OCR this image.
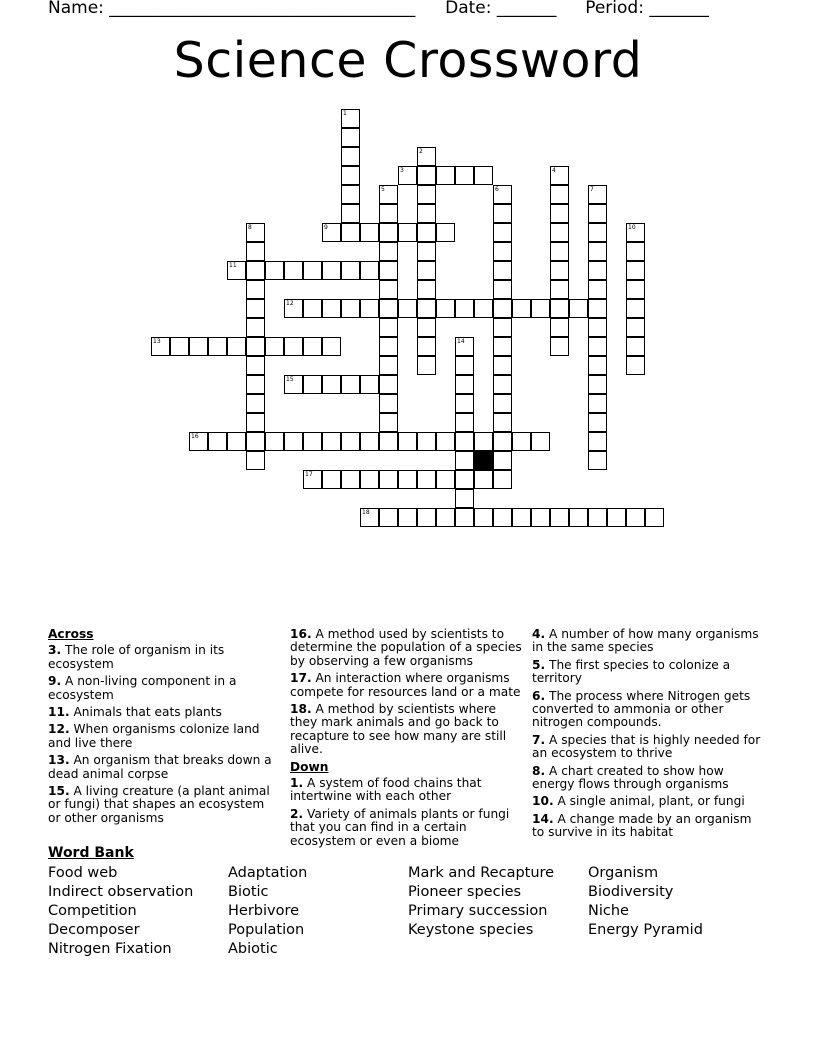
Name: ____________________________________ Date: _______ Period: _______
Science Crossword
3
9
11
12
13
15
16
17
18
1
2
4
5	6	7
8	10
14
Across
3. The role of organism in its ecosystem
9. A non-living component in a ecosystem
11. Animals that eats plants
12. When organisms colonize land and live there
13. An organism that breaks down a dead animal corpse
15. A living creature (a plant animal or fungi) that shapes an ecosystem or other organisms
16. A method used by scientists to determine the population of a species by observing a few organisms
17. An interaction where organisms compete for resources land or a mate
18. A method by scientists where they mark animals and go back to recapture to see how many are still alive.
Down
1. A system of food chains that intertwine with each other
2. Variety of animals plants or fungi that you can find in a certain ecosystem or even a biome
4. A number of how many organisms in the same species
5. The first species to colonize a territory
6. The process where Nitrogen gets converted to ammonia or other nitrogen compounds.
7. A species that is highly needed for an ecosystem to thrive
8. A chart created to show how energy flows through organisms
10. A single animal, plant, or fungi
14. A change made by an organism to survive in its habitat
Word Bank
Food web
Indirect observation
Competition
Decomposer
Nitrogen Fixation
Adaptation
Biotic
Herbivore
Population
Abiotic
Mark and Recapture
Pioneer species
Primary succession
Keystone species
Organism
Biodiversity
Niche
Energy Pyramid
